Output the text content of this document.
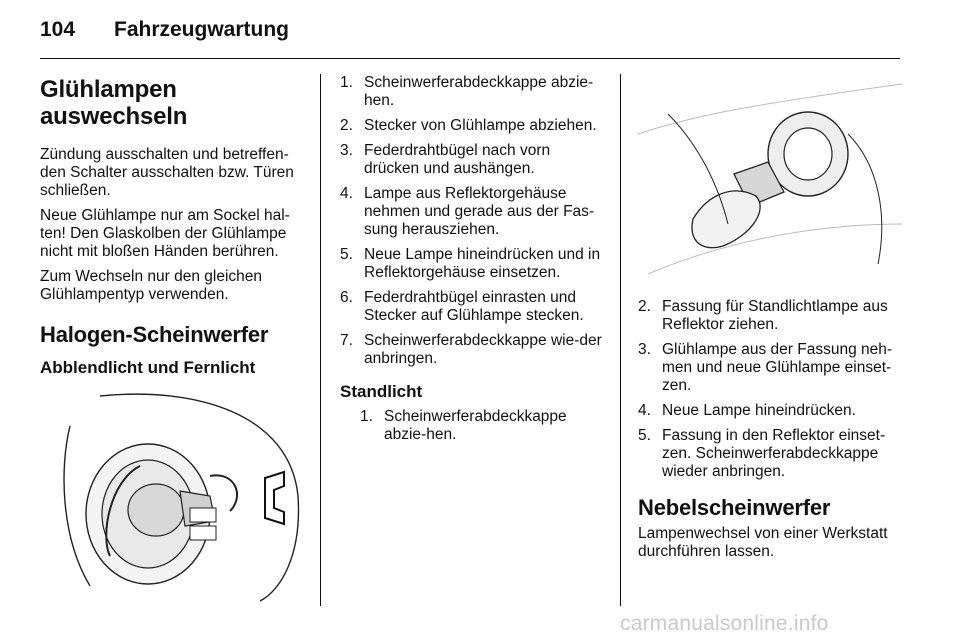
104	Fahrzeugwartung
Glühlampen
auswechseln

Zündung ausschalten und betreffen-den Schalter ausschalten bzw. Türen schließen.

Neue Glühlampe nur am Sockel hal-ten! Den Glaskolben der Glühlampe nicht mit bloßen Händen berühren.

Zum Wechseln nur den gleichen Glühlampentyp verwenden.

Halogen-Scheinwerfer
Abblendlicht und Fernlicht
1. Scheinwerferabdeckkappe abzie-hen.
2. Stecker von Glühlampe abziehen.
3. Federdrahtbügel nach vorn drücken und aushängen.
4. Lampe aus Reflektorgehäuse nehmen und gerade aus der Fas-sung herausziehen.
5. Neue Lampe hineindrücken und in Reflektorgehäuse einsetzen.
6. Federdrahtbügel einrasten und Stecker auf Glühlampe stecken.
7. Scheinwerferabdeckkappe wie-der anbringen.
Standlicht
1. Scheinwerferabdeckkappe abzie-hen.
2. Fassung für Standlichtlampe aus Reflektor ziehen.
3. Glühlampe aus der Fassung neh-men und neue Glühlampe einset-zen.
4. Neue Lampe hineindrücken.
5. Fassung in den Reflektor einset-zen. Scheinwerferabdeckkappe wieder anbringen.
Nebelscheinwerfer

Lampenwechsel von einer Werkstatt durchführen lassen.

carmanualsonline.info
